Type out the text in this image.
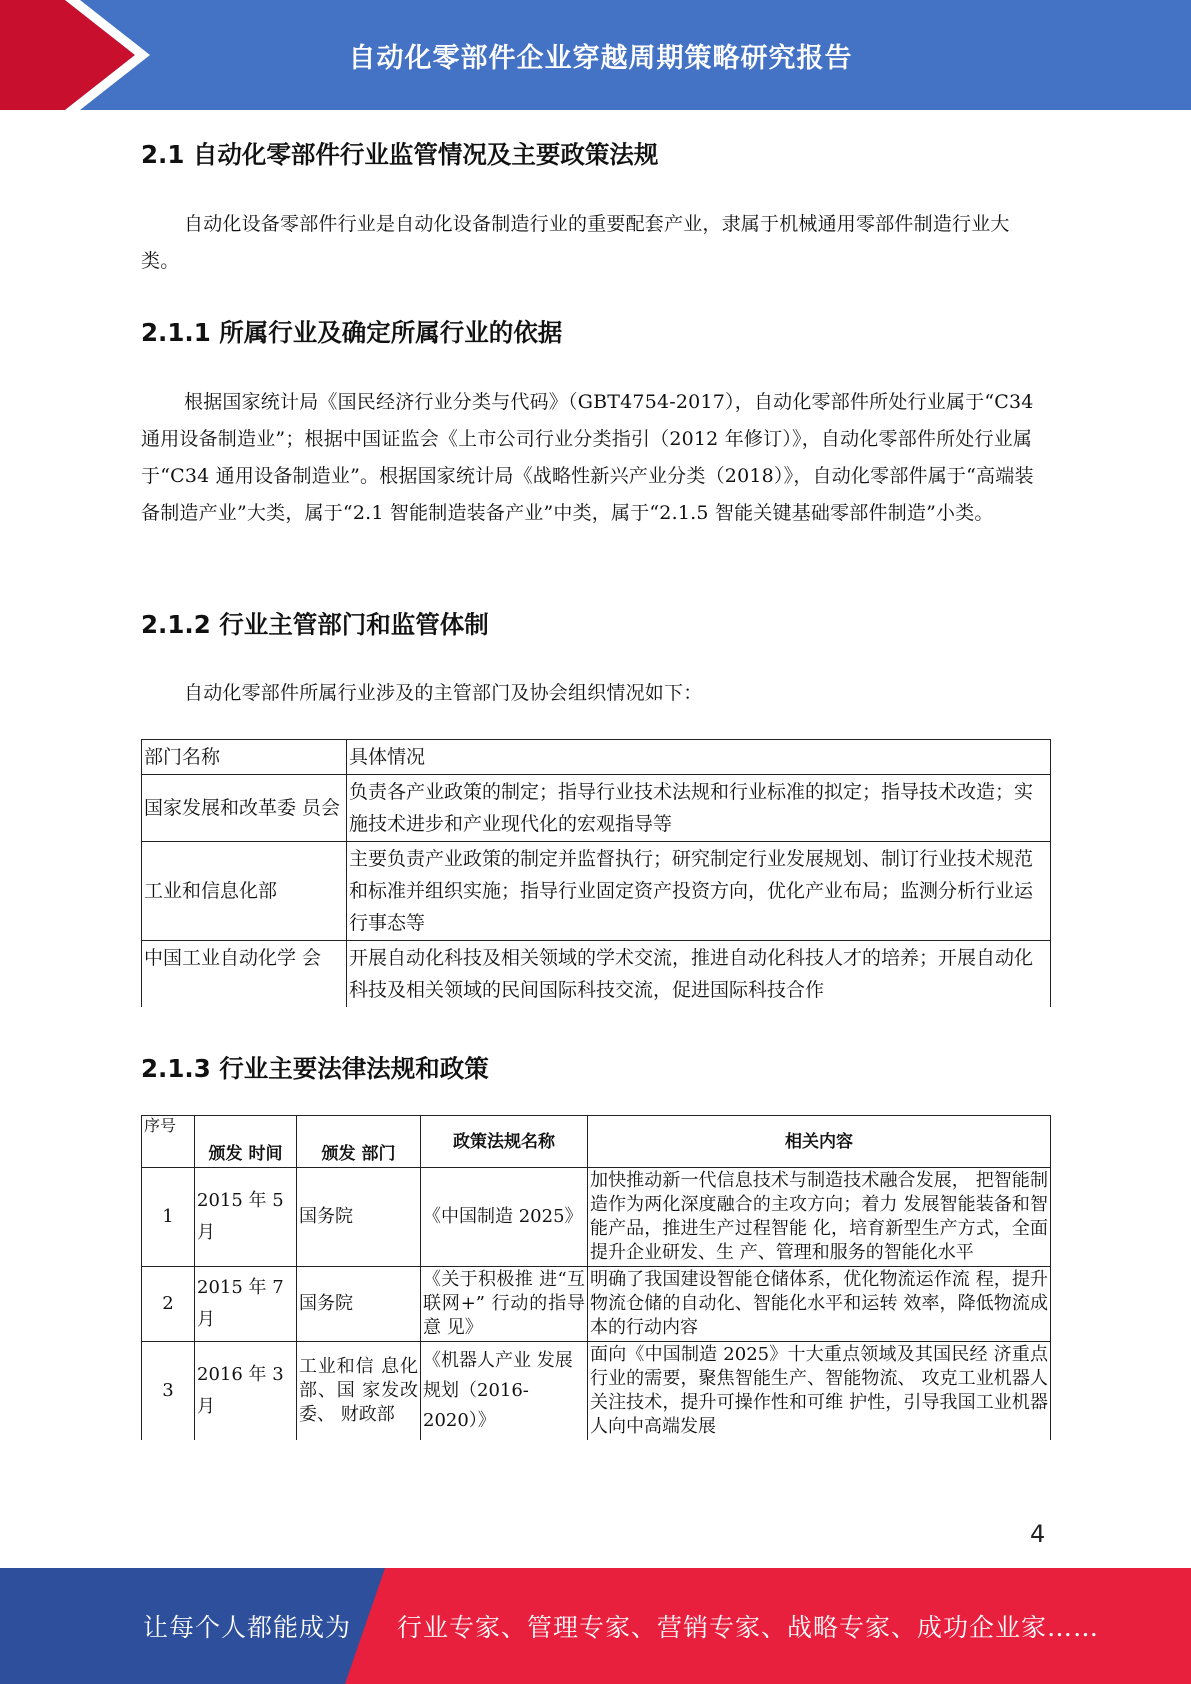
自动化零部件企业穿越周期策略研究报告
2.1 自动化零部件行业监管情况及主要政策法规

自动化设备零部件行业是自动化设备制造行业的重要配套产业，隶属于机械通用零部件制造行业大类。

2.1.1 所属行业及确定所属行业的依据

根据国家统计局《国民经济行业分类与代码》（GBT4754-2017），自动化零部件所处行业属于“C34 通用设备制造业”；根据中国证监会《上市公司行业分类指引（2012 年修订）》，自动化零部件所处行业属于“C34 通用设备制造业”。根据国家统计局《战略性新兴产业分类（2018）》，自动化零部件属于“高端装备制造产业”大类，属于“2.1 智能制造装备产业”中类，属于“2.1.5 智能关键基础零部件制造”小类。

2.1.2 行业主管部门和监管体制

自动化零部件所属行业涉及的主管部门及协会组织情况如下：

部门名称	具体情况
国家发展和改革委 员会	负责各产业政策的制定；指导行业技术法规和行业标准的拟定；指导技术改造；实施技术进步和产业现代化的宏观指导等
工业和信息化部	主要负责产业政策的制定并监督执行；研究制定行业发展规划、制订行业技术规范和标准并组织实施；指导行业固定资产投资方向，优化产业布局；监测分析行业运行事态等
中国工业自动化学 会	开展自动化科技及相关领域的学术交流，推进自动化科技人才的培养；开展自动化科技及相关领域的民间国际科技交流，促进国际科技合作
2.1.3 行业主要法律法规和政策
序号	颁发 时间	颁发 部门	政策法规名称	相关内容
1	2015 年 5 月	国务院	《中国制造 2025》	加快推动新一代信息技术与制造技术融合发展， 把智能制造作为两化深度融合的主攻方向；着力 发展智能装备和智能产品，推进生产过程智能 化，培育新型生产方式，全面提升企业研发、生 产、管理和服务的智能化水平
2	2015 年 7 月	国务院	《关于积极推 进“互联网+” 行动的指导意 见》	明确了我国建设智能仓储体系，优化物流运作流 程，提升物流仓储的自动化、智能化水平和运转 效率，降低物流成本的行动内容
3	2016 年 3 月	工业和信 息化部、国 家发改委、 财政部	《机器人产业 发展规划（2016-2020）》	面向《中国制造 2025》十大重点领域及其国民经 济重点行业的需要，聚焦智能生产、智能物流、 攻克工业机器人关注技术，提升可操作性和可维 护性，引导我国工业机器人向中高端发展
4
让每个人都能成为 行业专家、管理专家、营销专家、战略专家、成功企业家……
